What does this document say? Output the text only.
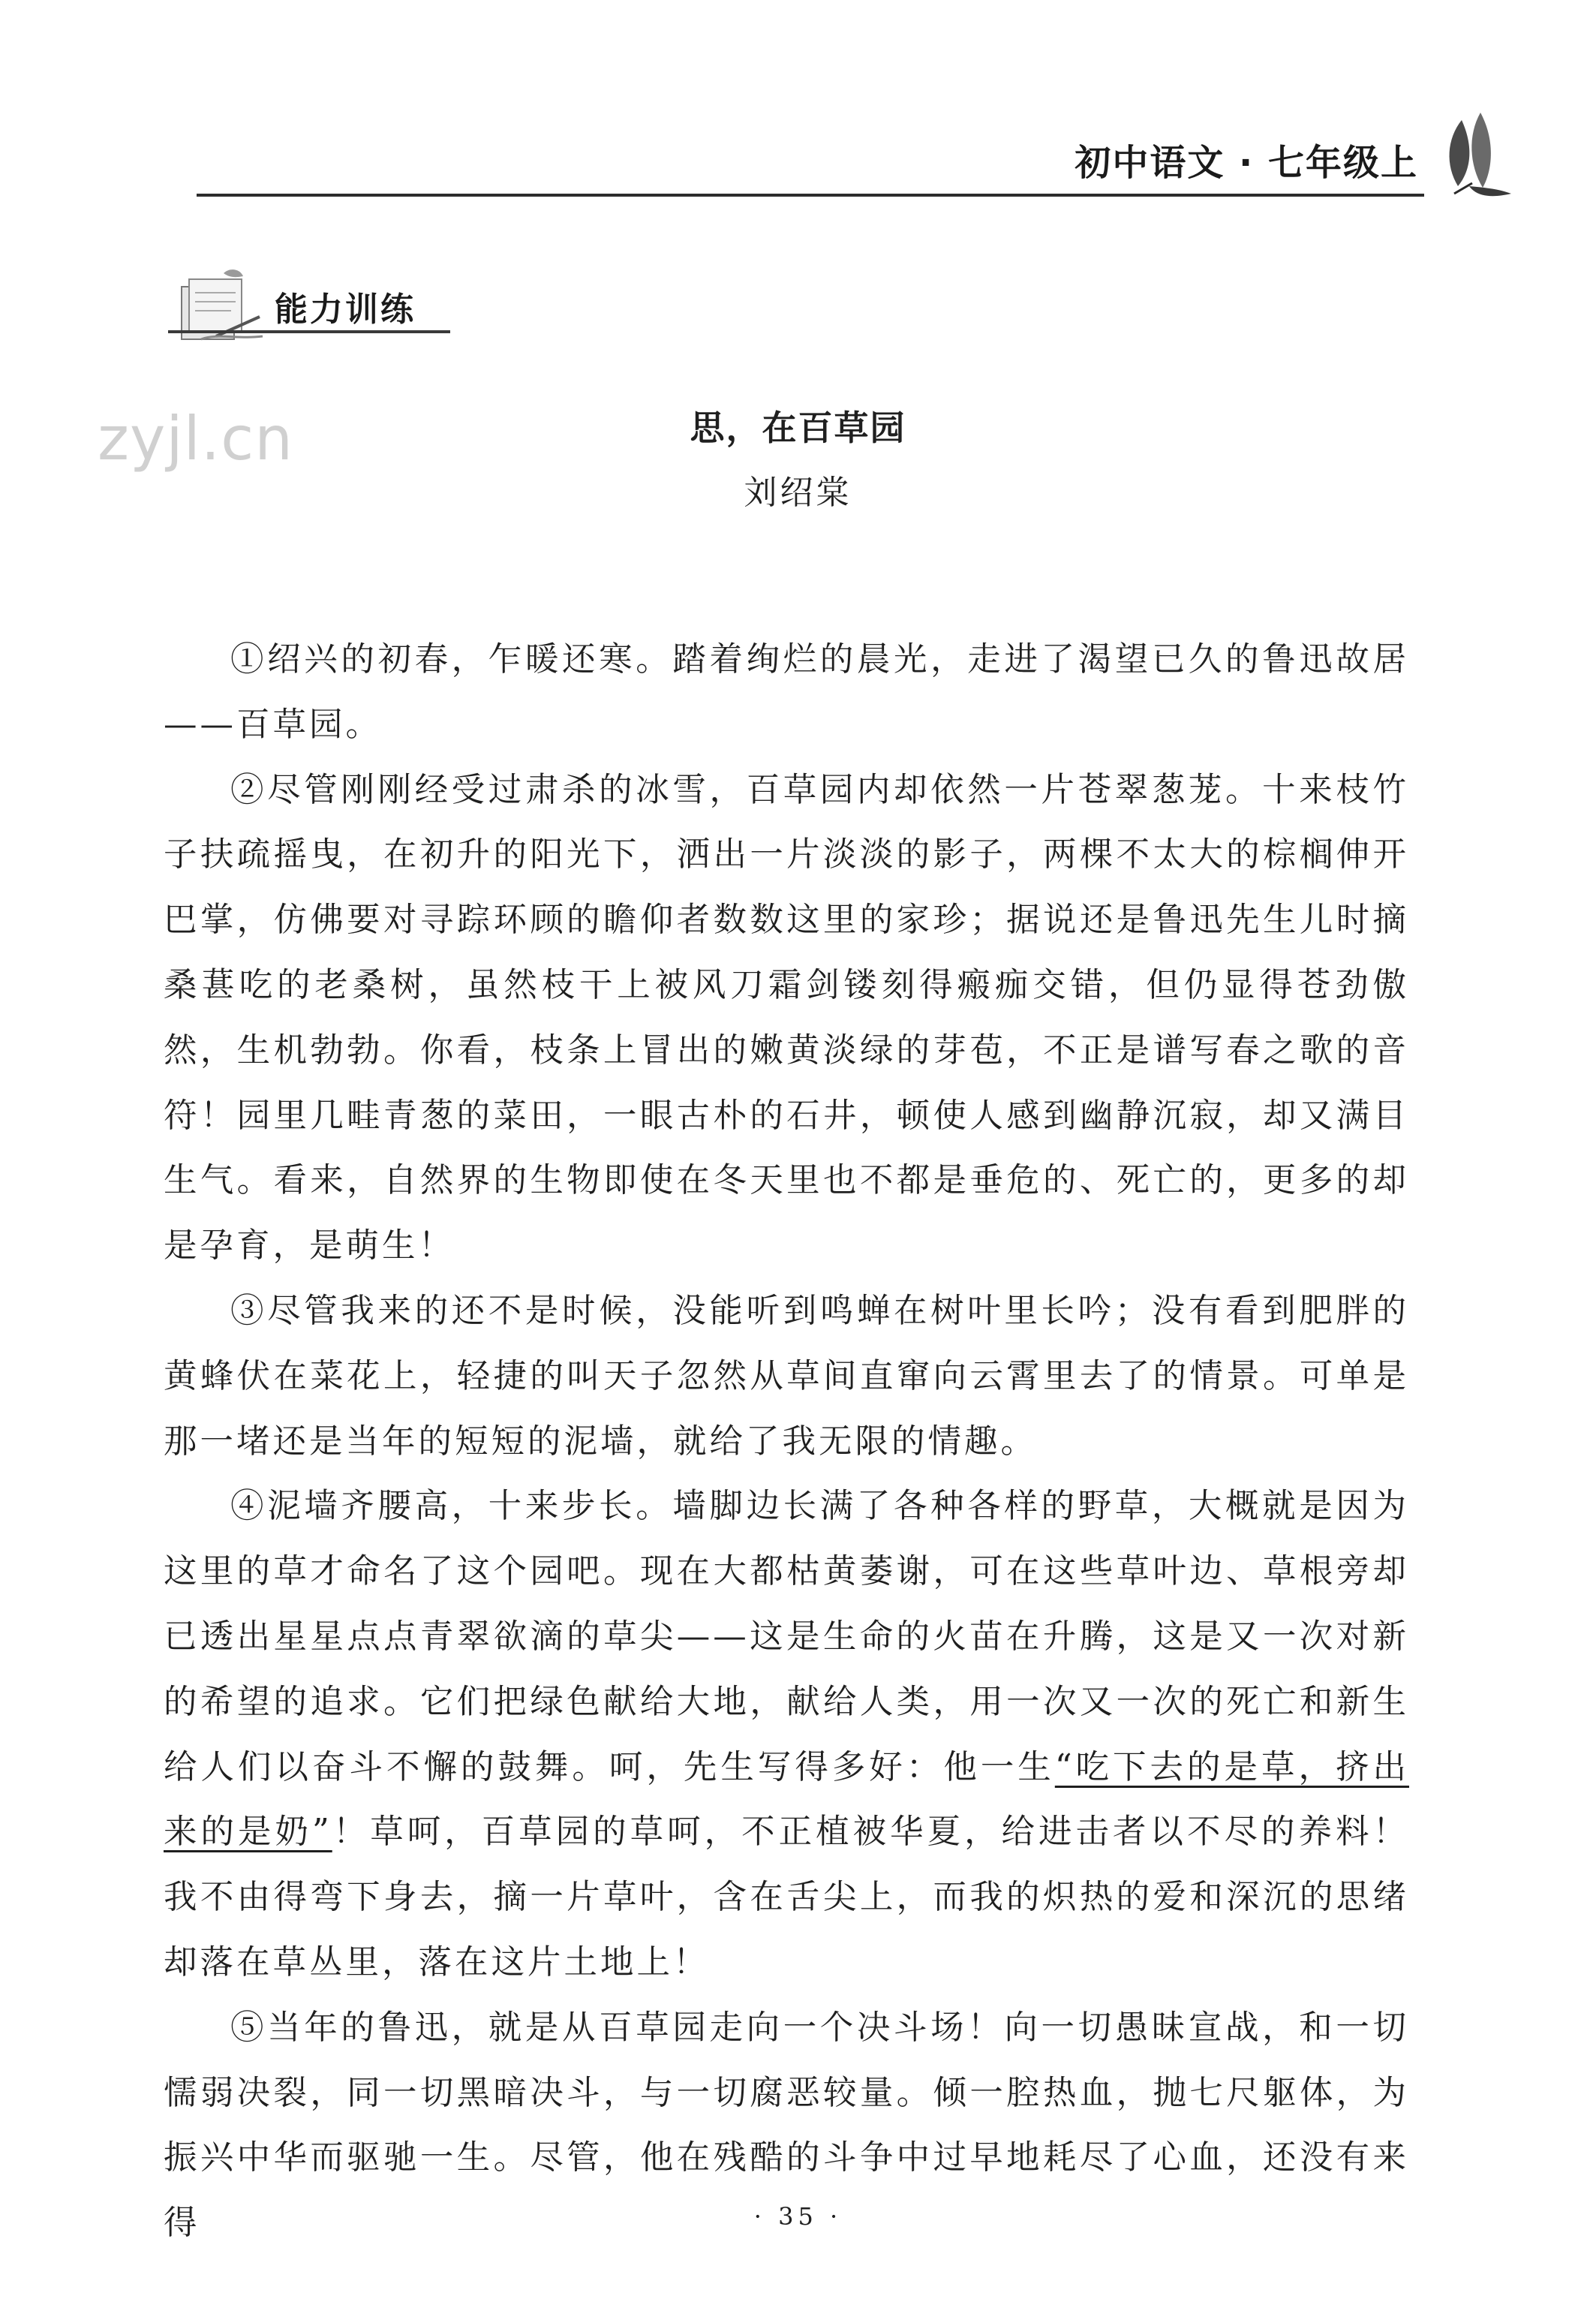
初中语文 · 七年级上
能力训练
zyjl.cn	思，在百草园
刘绍棠

①绍兴的初春，乍暖还寒。踏着绚烂的晨光，走进了渴望已久的鲁迅故居——百草园。

②尽管刚刚经受过肃杀的冰雪，百草园内却依然一片苍翠葱茏。十来枝竹子扶疏摇曳，在初升的阳光下，洒出一片淡淡的影子，两棵不太大的棕榈伸开巴掌，仿佛要对寻踪环顾的瞻仰者数数这里的家珍；据说还是鲁迅先生儿时摘桑葚吃的老桑树，虽然枝干上被风刀霜剑镂刻得瘢痂交错，但仍显得苍劲傲然，生机勃勃。你看，枝条上冒出的嫩黄淡绿的芽苞，不正是谱写春之歌的音符！园里几畦青葱的菜田，一眼古朴的石井，顿使人感到幽静沉寂，却又满目生气。看来，自然界的生物即使在冬天里也不都是垂危的、死亡的，更多的却是孕育，是萌生！

③尽管我来的还不是时候，没能听到鸣蝉在树叶里长吟；没有看到肥胖的黄蜂伏在菜花上，轻捷的叫天子忽然从草间直窜向云霄里去了的情景。可单是那一堵还是当年的短短的泥墙，就给了我无限的情趣。

④泥墙齐腰高，十来步长。墙脚边长满了各种各样的野草，大概就是因为这里的草才命名了这个园吧。现在大都枯黄萎谢，可在这些草叶边、草根旁却已透出星星点点青翠欲滴的草尖——这是生命的火苗在升腾，这是又一次对新的希望的追求。它们把绿色献给大地，献给人类，用一次又一次的死亡和新生给人们以奋斗不懈的鼓舞。呵，先生写得多好：他一生“吃下去的是草，挤出来的是奶”！草呵，百草园的草呵，不正植被华夏，给进击者以不尽的养料！我不由得弯下身去，摘一片草叶，含在舌尖上，而我的炽热的爱和深沉的思绪却落在草丛里，落在这片土地上！

⑤当年的鲁迅，就是从百草园走向一个决斗场！向一切愚昧宣战，和一切懦弱决裂，同一切黑暗决斗，与一切腐恶较量。倾一腔热血，抛七尺躯体，为振兴中华而驱驰一生。尽管，他在残酷的斗争中过早地耗尽了心血，还没有来得	· 35 ·
